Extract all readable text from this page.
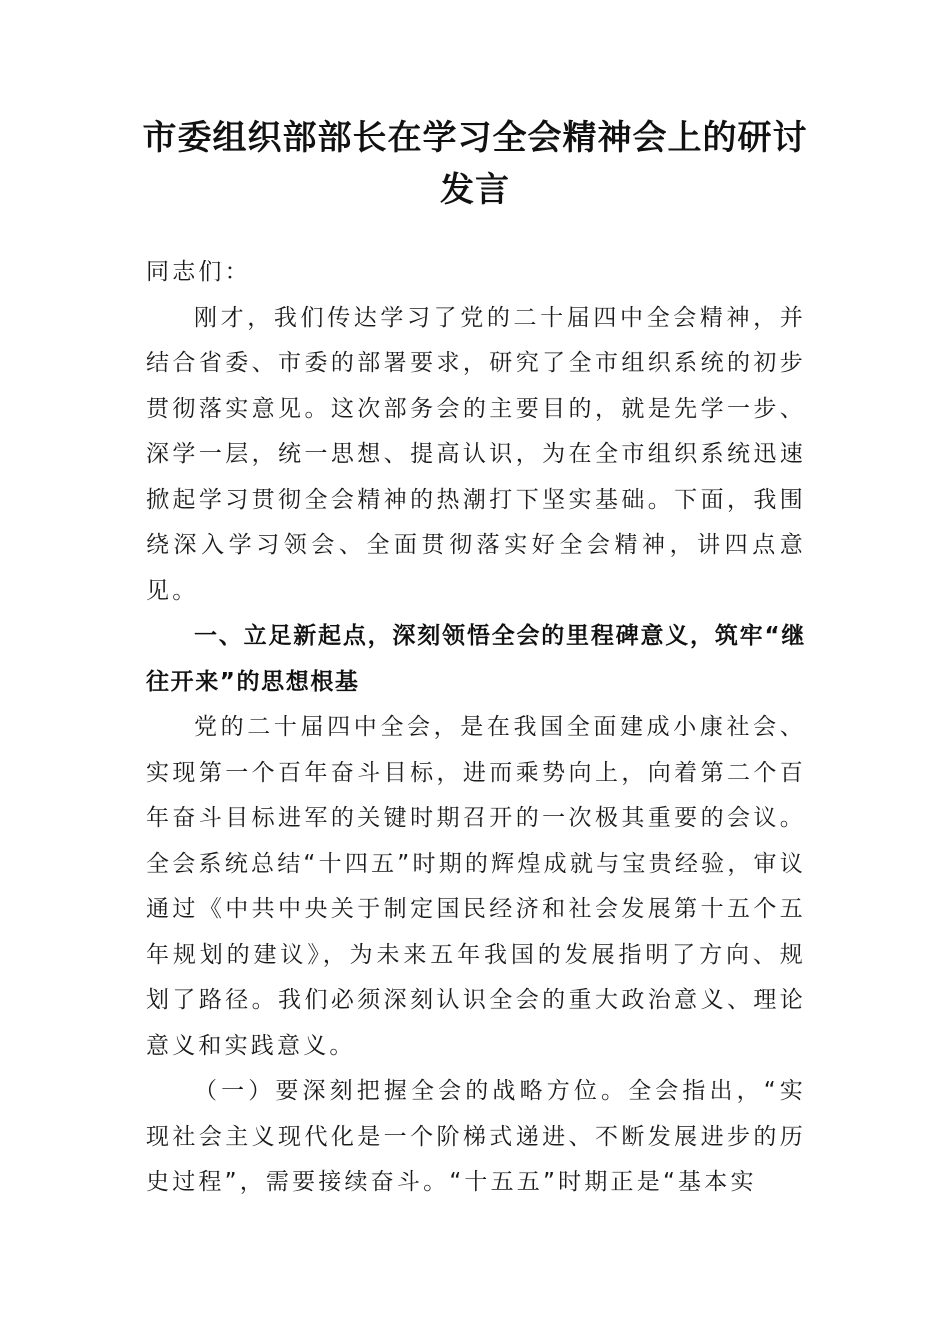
市委组织部部长在学习全会精神会上的研讨发言

同志们：

刚才，我们传达学习了党的二十届四中全会精神，并结合省委、市委的部署要求，研究了全市组织系统的初步贯彻落实意见。这次部务会的主要目的，就是先学一步、深学一层，统一思想、提高认识，为在全市组织系统迅速掀起学习贯彻全会精神的热潮打下坚实基础。下面，我围绕深入学习领会、全面贯彻落实好全会精神，讲四点意见。

一、立足新起点，深刻领悟全会的里程碑意义，筑牢“继往开来”的思想根基

党的二十届四中全会，是在我国全面建成小康社会、实现第一个百年奋斗目标，进而乘势向上，向着第二个百年奋斗目标进军的关键时期召开的一次极其重要的会议。全会系统总结“十四五”时期的辉煌成就与宝贵经验，审议通过《中共中央关于制定国民经济和社会发展第十五个五年规划的建议》，为未来五年我国的发展指明了方向、规划了路径。我们必须深刻认识全会的重大政治意义、理论意义和实践意义。

（一）要深刻把握全会的战略方位。全会指出，“实现社会主义现代化是一个阶梯式递进、不断发展进步的历史过程”，需要接续奋斗。“十五五”时期正是“基本实
